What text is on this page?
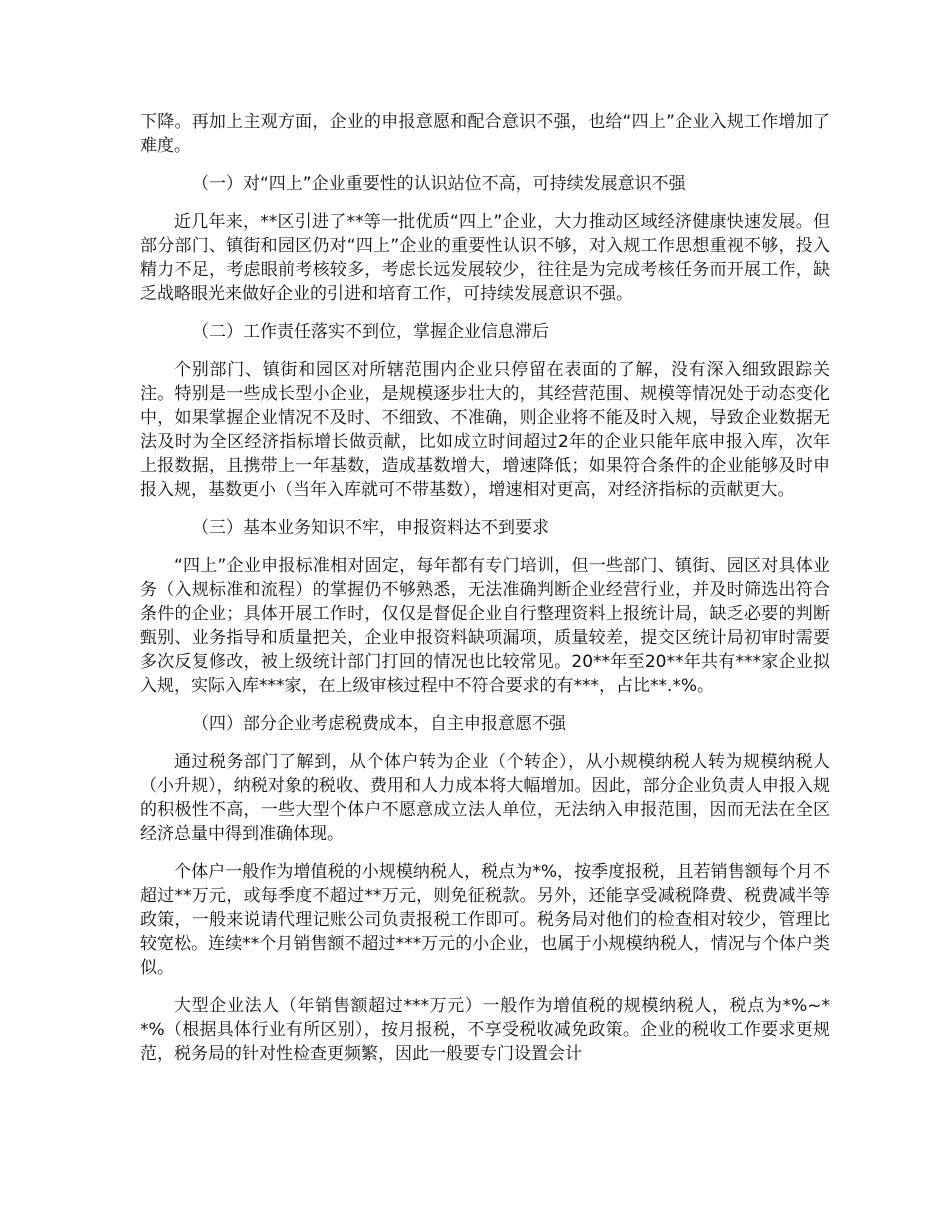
下降。再加上主观方面，企业的申报意愿和配合意识不强，也给“四上”企业入规工作增加了难度。

（一）对“四上”企业重要性的认识站位不高，可持续发展意识不强

近几年来，**区引进了**等一批优质“四上”企业，大力推动区域经济健康快速发展。但部分部门、镇街和园区仍对“四上”企业的重要性认识不够，对入规工作思想重视不够，投入精力不足，考虑眼前考核较多，考虑长远发展较少，往往是为完成考核任务而开展工作，缺乏战略眼光来做好企业的引进和培育工作，可持续发展意识不强。

（二）工作责任落实不到位，掌握企业信息滞后

个别部门、镇街和园区对所辖范围内企业只停留在表面的了解，没有深入细致跟踪关注。特别是一些成长型小企业，是规模逐步壮大的，其经营范围、规模等情况处于动态变化中，如果掌握企业情况不及时、不细致、不准确，则企业将不能及时入规，导致企业数据无法及时为全区经济指标增长做贡献，比如成立时间超过2年的企业只能年底申报入库，次年上报数据，且携带上一年基数，造成基数增大，增速降低；如果符合条件的企业能够及时申报入规，基数更小（当年入库就可不带基数），增速相对更高，对经济指标的贡献更大。

（三）基本业务知识不牢，申报资料达不到要求

“四上”企业申报标准相对固定，每年都有专门培训，但一些部门、镇街、园区对具体业务（入规标准和流程）的掌握仍不够熟悉，无法准确判断企业经营行业，并及时筛选出符合条件的企业；具体开展工作时，仅仅是督促企业自行整理资料上报统计局，缺乏必要的判断甄别、业务指导和质量把关，企业申报资料缺项漏项，质量较差，提交区统计局初审时需要多次反复修改，被上级统计部门打回的情况也比较常见。20**年至20**年共有***家企业拟入规，实际入库***家，在上级审核过程中不符合要求的有***，占比**.*%。

（四）部分企业考虑税费成本，自主申报意愿不强

通过税务部门了解到，从个体户转为企业（个转企），从小规模纳税人转为规模纳税人（小升规），纳税对象的税收、费用和人力成本将大幅增加。因此，部分企业负责人申报入规的积极性不高，一些大型个体户不愿意成立法人单位，无法纳入申报范围，因而无法在全区经济总量中得到准确体现。

个体户一般作为增值税的小规模纳税人，税点为*%，按季度报税，且若销售额每个月不超过**万元，或每季度不超过**万元，则免征税款。另外，还能享受减税降费、税费减半等政策，一般来说请代理记账公司负责报税工作即可。税务局对他们的检查相对较少，管理比较宽松。连续**个月销售额不超过***万元的小企业，也属于小规模纳税人，情况与个体户类似。

大型企业法人（年销售额超过***万元）一般作为增值税的规模纳税人，税点为*%~**%（根据具体行业有所区别），按月报税，不享受税收减免政策。企业的税收工作要求更规范，税务局的针对性检查更频繁，因此一般要专门设置会计
